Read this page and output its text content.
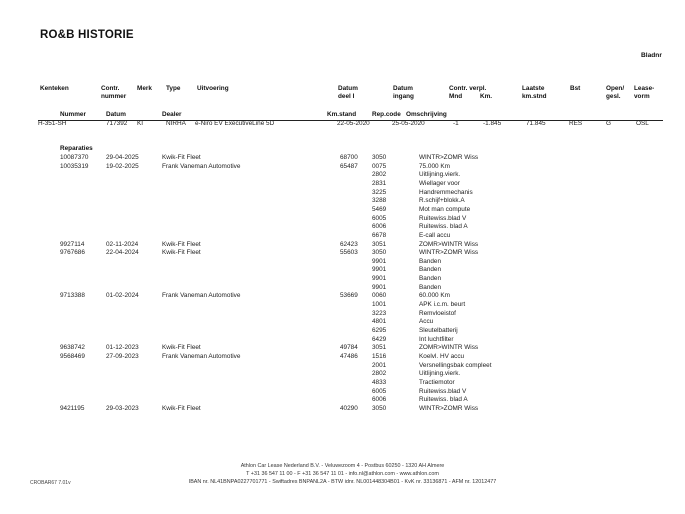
RO&B HISTORIE
Bladnr
Kenteken	Contr.
nummer
Merk Type	Uitvoering	Datum
deel I
Datum
ingang
Contr. verpl.
Mnd	Km.
Laatste
km.stnd
Bst	Open/
gesl.
Lease-
vorm
Nummer	Datum	Dealer	Km.stand Rep.code Omschrijving
H-351-SH	717392 KI	NIRHA e-Niro EV ExecutiveLine 5D	22-05-2020	25-05-2020	-1	-1.845	71.845	RES	G	OSL
Reparaties
10087370	29-04-2025	Kwik-Fit Fleet	68700 3050	WINTR>ZOMR Wiss
10035319	19-02-2025	Frank Vaneman Automotive	65487 0075	75.000 Km
2802	Uitlijning.vierk.
2831	Wiellager voor
3225	Handremmechanis
3288	R.schijf+blokk.A
5469	Mot man compute
6005	Ruitewiss.blad V
6006	Ruitewiss. blad A
6678	E-call accu
9927114	02-11-2024	Kwik-Fit Fleet	62423 3051	ZOMR>WINTR Wiss
9767686	22-04-2024	Kwik-Fit Fleet	55603 3050	WINTR>ZOMR Wiss
9901	Banden
9901	Banden
9901	Banden
9901	Banden
9713388	01-02-2024	Frank Vaneman Automotive	53669 0060	60.000 Km
1001	APK i.c.m. beurt
3223	Remvloeistof
4801	Accu
6295	Sleutelbatterij
6429	Int luchtfilter
9638742	01-12-2023	Kwik-Fit Fleet	49784 3051	ZOMR>WINTR Wiss
9568469	27-09-2023	Frank Vaneman Automotive	47486 1516	Koelvl. HV accu
2001	Versnellingsbak compleet
2802	Uitlijning.vierk.
4833	Tractiemotor
6005	Ruitewiss.blad V
6006	Ruitewiss. blad A
9421195	29-03-2023	Kwik-Fit Fleet	40290 3050	WINTR>ZOMR Wiss
Athlon Car Lease Nederland B.V. - Veluwezoom 4 - Postbus 60250 - 1320 AH Almere
T +31 36 547 11 00 - F +31 36 547 11 01 - info.nl@athlon.com - www.athlon.com
IBAN nr. NL41BNPA0227701771 - Swiftadres BNPANL2A - BTW idnr. NL001448304B01 - KvK nr. 33136871 - AFM nr. 12012477
CROBAR67 7.01v
